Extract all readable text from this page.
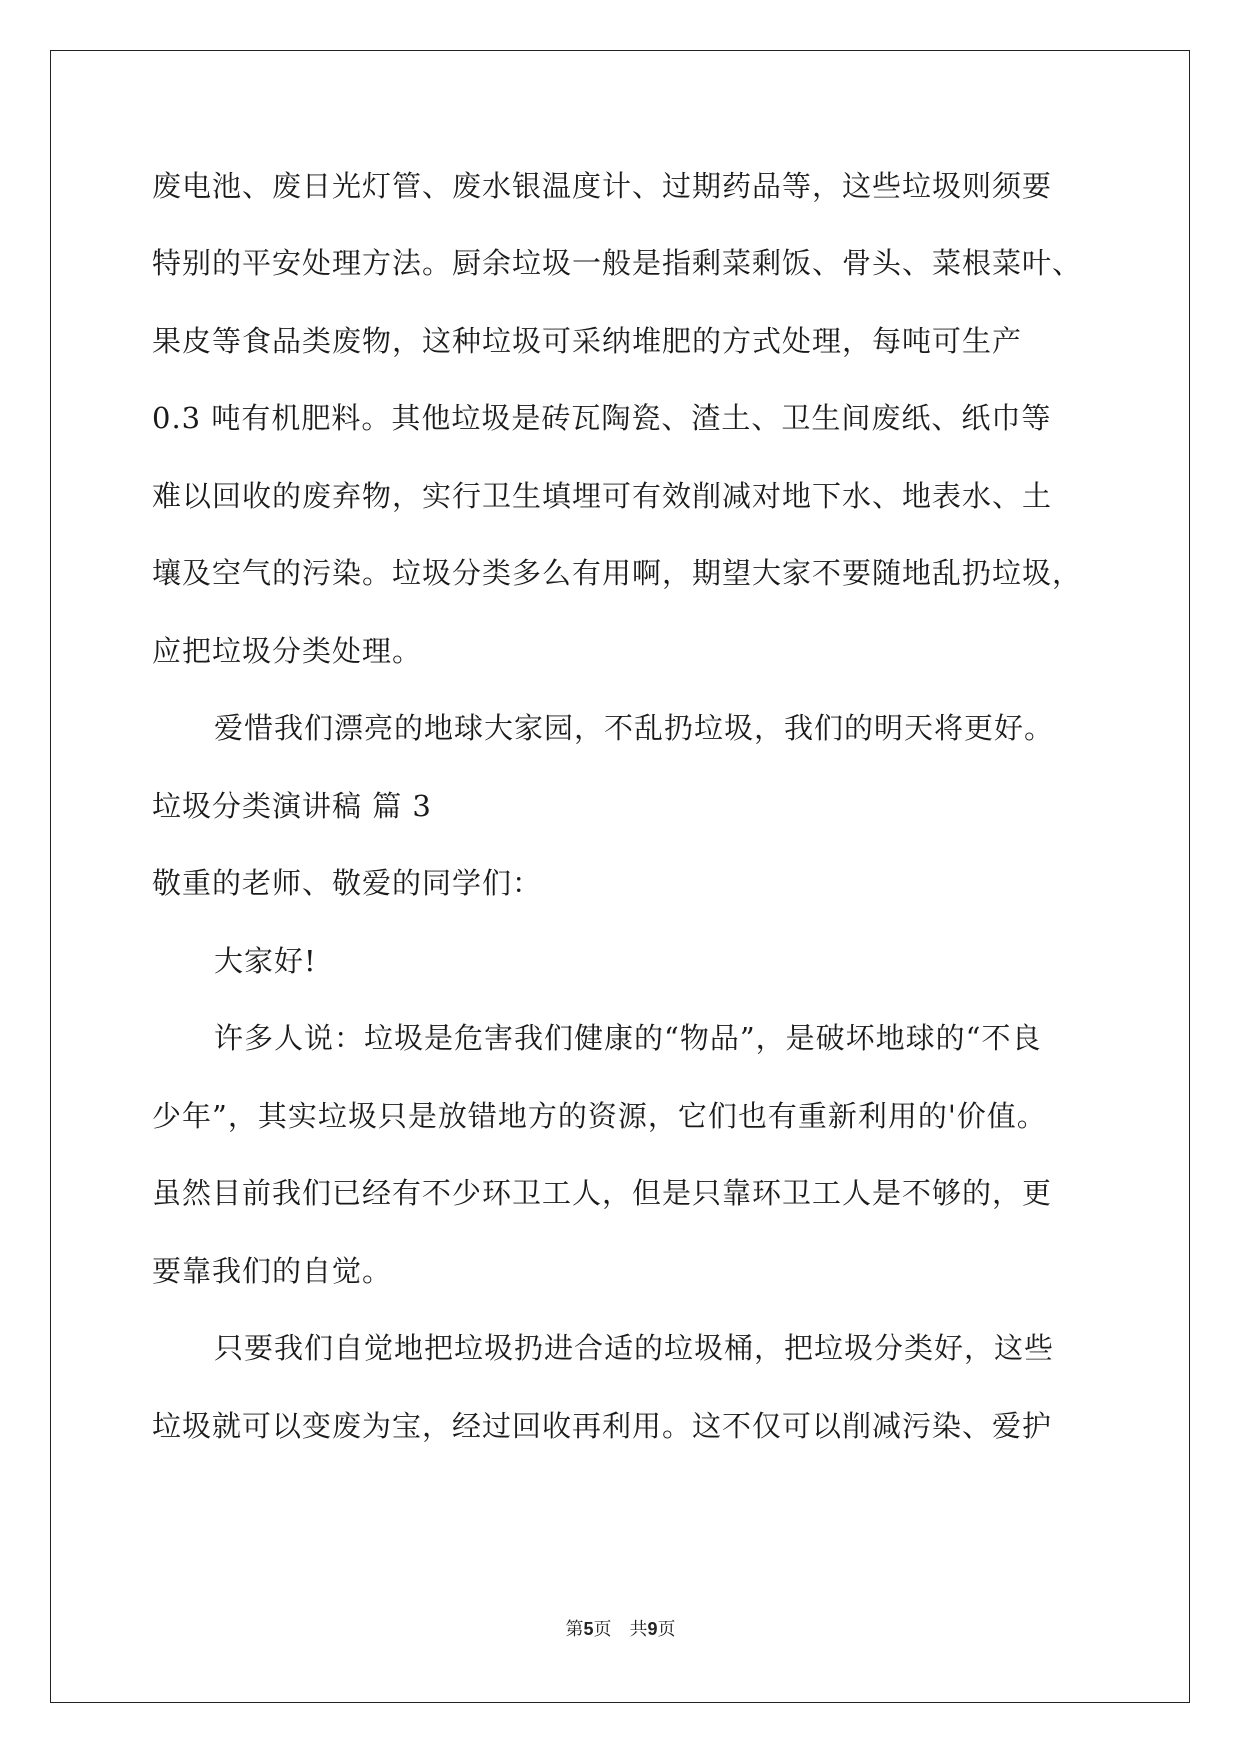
废电池、废日光灯管、废水银温度计、过期药品等，这些垃圾则须要
特别的平安处理方法。厨余垃圾一般是指剩菜剩饭、骨头、菜根菜叶、
果皮等食品类废物，这种垃圾可采纳堆肥的方式处理，每吨可生产
0.3 吨有机肥料。其他垃圾是砖瓦陶瓷、渣土、卫生间废纸、纸巾等
难以回收的废弃物，实行卫生填埋可有效削减对地下水、地表水、土
壤及空气的污染。垃圾分类多么有用啊，期望大家不要随地乱扔垃圾，
应把垃圾分类处理。
爱惜我们漂亮的地球大家园，不乱扔垃圾，我们的明天将更好。
垃圾分类演讲稿 篇 3
敬重的老师、敬爱的同学们：
大家好!
许多人说：垃圾是危害我们健康的“物品”，是破坏地球的“不良
少年”，其实垃圾只是放错地方的资源，它们也有重新利用的'价值。
虽然目前我们已经有不少环卫工人，但是只靠环卫工人是不够的，更
要靠我们的自觉。
只要我们自觉地把垃圾扔进合适的垃圾桶，把垃圾分类好，这些
垃圾就可以变废为宝，经过回收再利用。这不仅可以削减污染、爱护
第5页　共9页
